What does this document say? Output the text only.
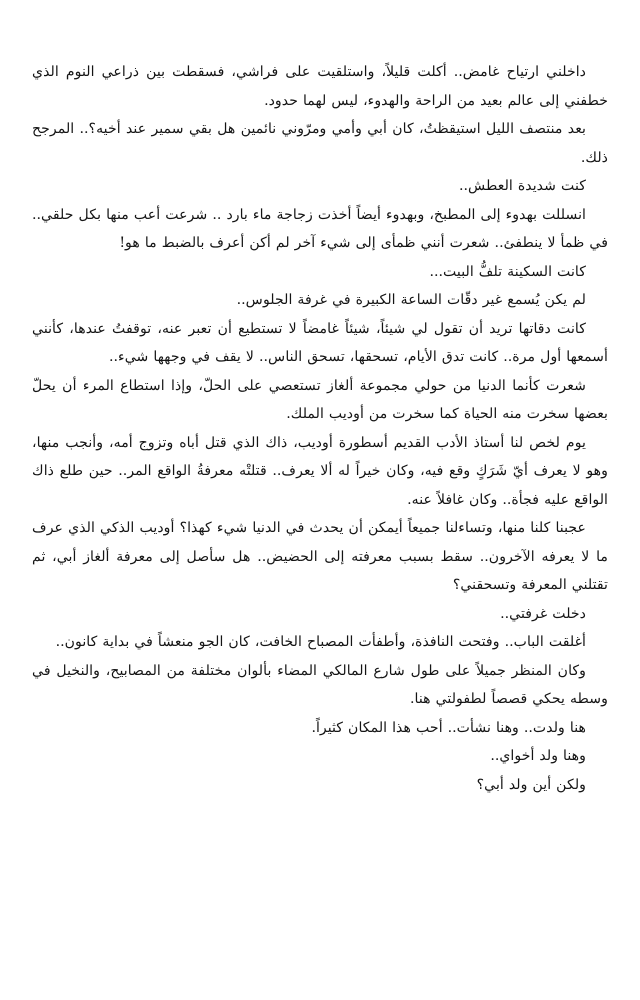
داخلني ارتياح غامض.. أكلت قليلاً، واستلقيت على فراشي، فسقطت بين ذراعي النوم الذي خطفني إلى عالم بعيد من الراحة والهدوء، ليس لهما حدود.

بعد منتصف الليل استيقظتُ، كان أبي وأمي ومرّوني نائمين هل بقي سمير عند أخيه؟.. المرجح ذلك.

كنت شديدة العطش..

انسللت بهدوء إلى المطبخ، وبهدوء أيضاً أخذت زجاجة ماء بارد .. شرعت أعب منها بكل حلقي.. في ظمأ لا ينطفئ.. شعرت أنني ظمأى إلى شيء آخر لم أكن أعرف بالضبط ما هو!

كانت السكينة تلفُّ البيت...

لم يكن يُسمع غير دقّات الساعة الكبيرة في غرفة الجلوس..

كانت دقاتها تريد أن تقول لي شيئاً، شيئاً غامضاً لا تستطيع أن تعبر عنه، توقفتُ عندها، كأنني أسمعها أول مرة.. كانت تدق الأيام، تسحقها، تسحق الناس.. لا يقف في وجهها شيء..

شعرت كأنما الدنيا من حولي مجموعة ألغاز تستعصي على الحلّ، وإذا استطاع المرء أن يحلّ بعضها سخرت منه الحياة كما سخرت من أوديب الملك.

يوم لخص لنا أستاذ الأدب القديم أسطورة أوديب، ذاك الذي قتل أباه وتزوج أمه، وأنجب منها، وهو لا يعرف أيّ شَرَكٍ وقع فيه، وكان خيراً له ألا يعرف.. قتلتْه معرفةُ الواقع المر.. حين طلع ذاك الواقع عليه فجأة.. وكان غافلاً عنه.

عجبنا كلنا منها، وتساءلنا جميعاً أيمكن أن يحدث في الدنيا شيء كهذا؟ أوديب الذكي الذي عرف ما لا يعرفه الآخرون.. سقط بسبب معرفته إلى الحضيض.. هل سأصل إلى معرفة ألغاز أبي، ثم تقتلني المعرفة وتسحقني؟

دخلت غرفتي..

أغلقت الباب.. وفتحت النافذة، وأطفأت المصباح الخافت، كان الجو منعشاً في بداية كانون..

وكان المنظر جميلاً على طول شارع المالكي المضاء بألوان مختلفة من المصابيح، والنخيل في وسطه يحكي قصصاً لطفولتي هنا.

هنا ولدت.. وهنا نشأت.. أحب هذا المكان كثيراً.

وهنا ولد أخواي..

ولكن أين ولد أبي؟
